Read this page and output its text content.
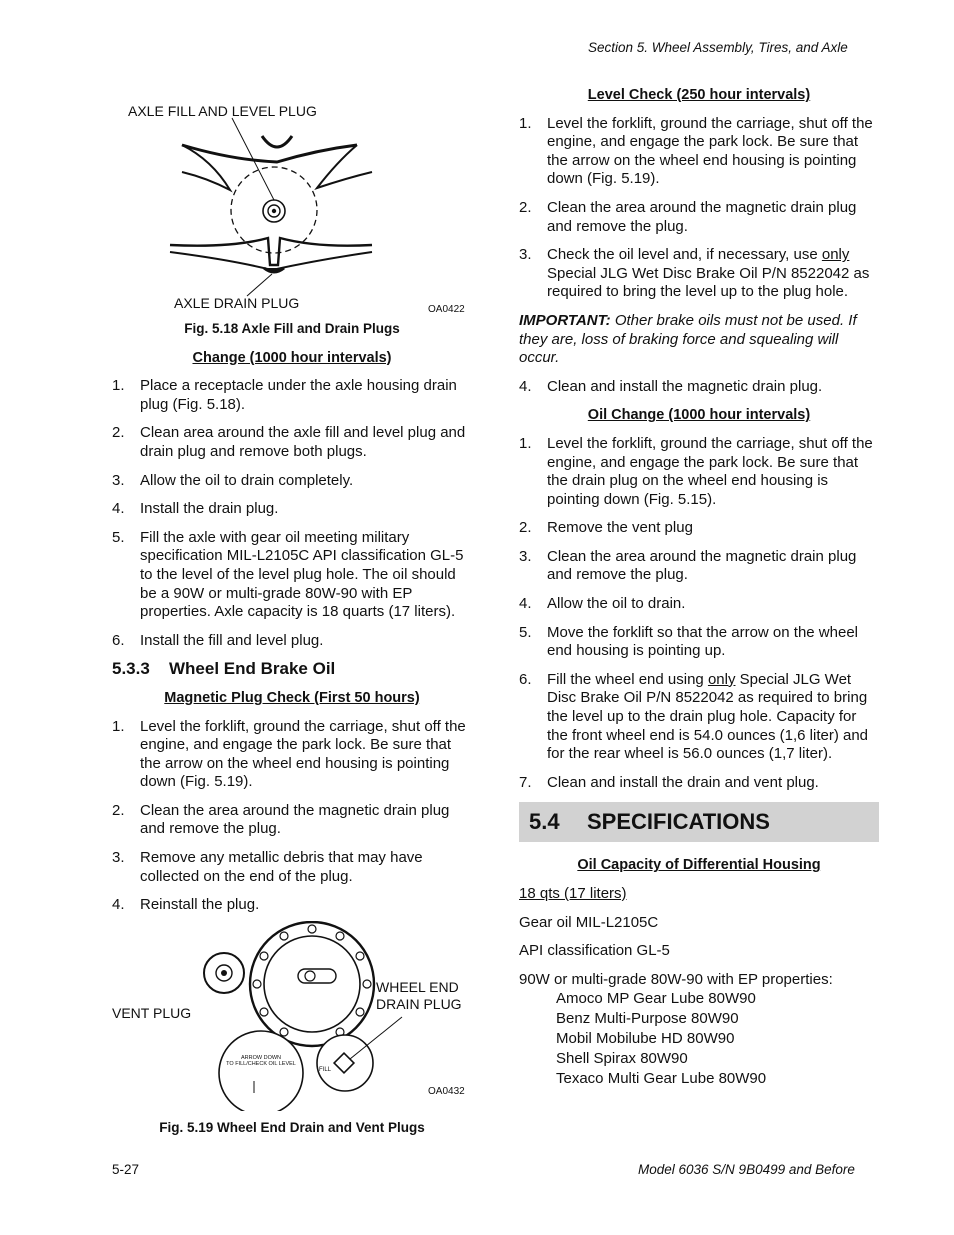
Section 5. Wheel Assembly, Tires, and Axle
AXLE FILL AND LEVEL PLUG
AXLE DRAIN PLUG	OA0422
Fig. 5.18 Axle Fill and Drain Plugs
Change (1000 hour intervals)
1. Place a receptacle under the axle housing drain plug (Fig. 5.18).
2. Clean area around the axle fill and level plug and drain plug and remove both plugs.
3. Allow the oil to drain completely.
4. Install the drain plug.
5. Fill the axle with gear oil meeting military specification MIL-L2105C API classification GL-5 to the level of the level plug hole. The oil should be a 90W or multi-grade 80W-90 with EP properties. Axle capacity is 18 quarts (17 liters).
6. Install the fill and level plug.
5.3.3 Wheel End Brake Oil
Magnetic Plug Check (First 50 hours)
1. Level the forklift, ground the carriage, shut off the engine, and engage the park lock. Be sure that the arrow on the wheel end housing is pointing down (Fig. 5.19).
2. Clean the area around the magnetic drain plug and remove the plug.
3. Remove any metallic debris that may have collected on the end of the plug.
4. Reinstall the plug.
VENT PLUG
WHEEL END
DRAIN PLUG
ARROW DOWN
TO FILL/CHECK OIL LEVEL
FILL
OA0432
Fig. 5.19 Wheel End Drain and Vent Plugs
Level Check (250 hour intervals)
1. Level the forklift, ground the carriage, shut off the engine, and engage the park lock. Be sure that the arrow on the wheel end housing is pointing down (Fig. 5.19).
2. Clean the area around the magnetic drain plug and remove the plug.
3. Check the oil level and, if necessary, use only Special JLG Wet Disc Brake Oil P/N 8522042 as required to bring the level up to the plug hole.
IMPORTANT: Other brake oils must not be used. If they are, loss of braking force and squealing will occur.
4. Clean and install the magnetic drain plug.
Oil Change (1000 hour intervals)
1. Level the forklift, ground the carriage, shut off the engine, and engage the park lock. Be sure that the drain plug on the wheel end housing is pointing down (Fig. 5.15).
2. Remove the vent plug
3. Clean the area around the magnetic drain plug and remove the plug.
4. Allow the oil to drain.
5. Move the forklift so that the arrow on the wheel end housing is pointing up.
6. Fill the wheel end using only Special JLG Wet Disc Brake Oil P/N 8522042 as required to bring the level up to the drain plug hole. Capacity for the front wheel end is 54.0 ounces (1,6 liter) and for the rear wheel is 56.0 ounces (1,7 liter).
7. Clean and install the drain and vent plug.
5.4	SPECIFICATIONS
Oil Capacity of Differential Housing
18 qts (17 liters)
Gear oil MIL-L2105C
API classification GL-5
90W or multi-grade 80W-90 with EP properties:
Amoco MP Gear Lube 80W90
Benz Multi-Purpose 80W90
Mobil Mobilube HD 80W90
Shell Spirax 80W90
Texaco Multi Gear Lube 80W90
5-27	Model 6036 S/N 9B0499 and Before
